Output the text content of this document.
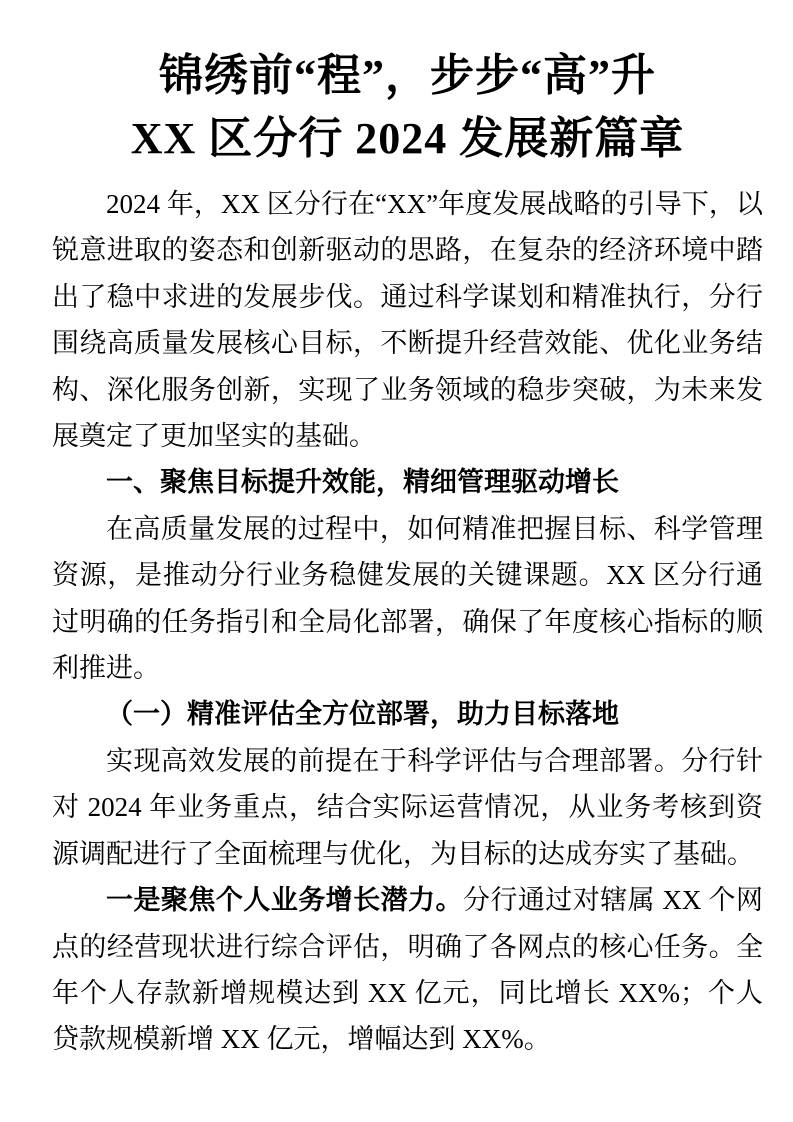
锦绣前“程”，步步“高”升
XX 区分行 2024 发展新篇章

2024 年，XX 区分行在“XX”年度发展战略的引导下，以锐意进取的姿态和创新驱动的思路，在复杂的经济环境中踏出了稳中求进的发展步伐。通过科学谋划和精准执行，分行围绕高质量发展核心目标，不断提升经营效能、优化业务结构、深化服务创新，实现了业务领域的稳步突破，为未来发展奠定了更加坚实的基础。

一、聚焦目标提升效能，精细管理驱动增长

在高质量发展的过程中，如何精准把握目标、科学管理资源，是推动分行业务稳健发展的关键课题。XX 区分行通过明确的任务指引和全局化部署，确保了年度核心指标的顺利推进。

（一）精准评估全方位部署，助力目标落地

实现高效发展的前提在于科学评估与合理部署。分行针对 2024 年业务重点，结合实际运营情况，从业务考核到资源调配进行了全面梳理与优化，为目标的达成夯实了基础。

一是聚焦个人业务增长潜力。分行通过对辖属 XX 个网点的经营现状进行综合评估，明确了各网点的核心任务。全年个人存款新增规模达到 XX 亿元，同比增长 XX%；个人贷款规模新增 XX 亿元，增幅达到 XX%。
